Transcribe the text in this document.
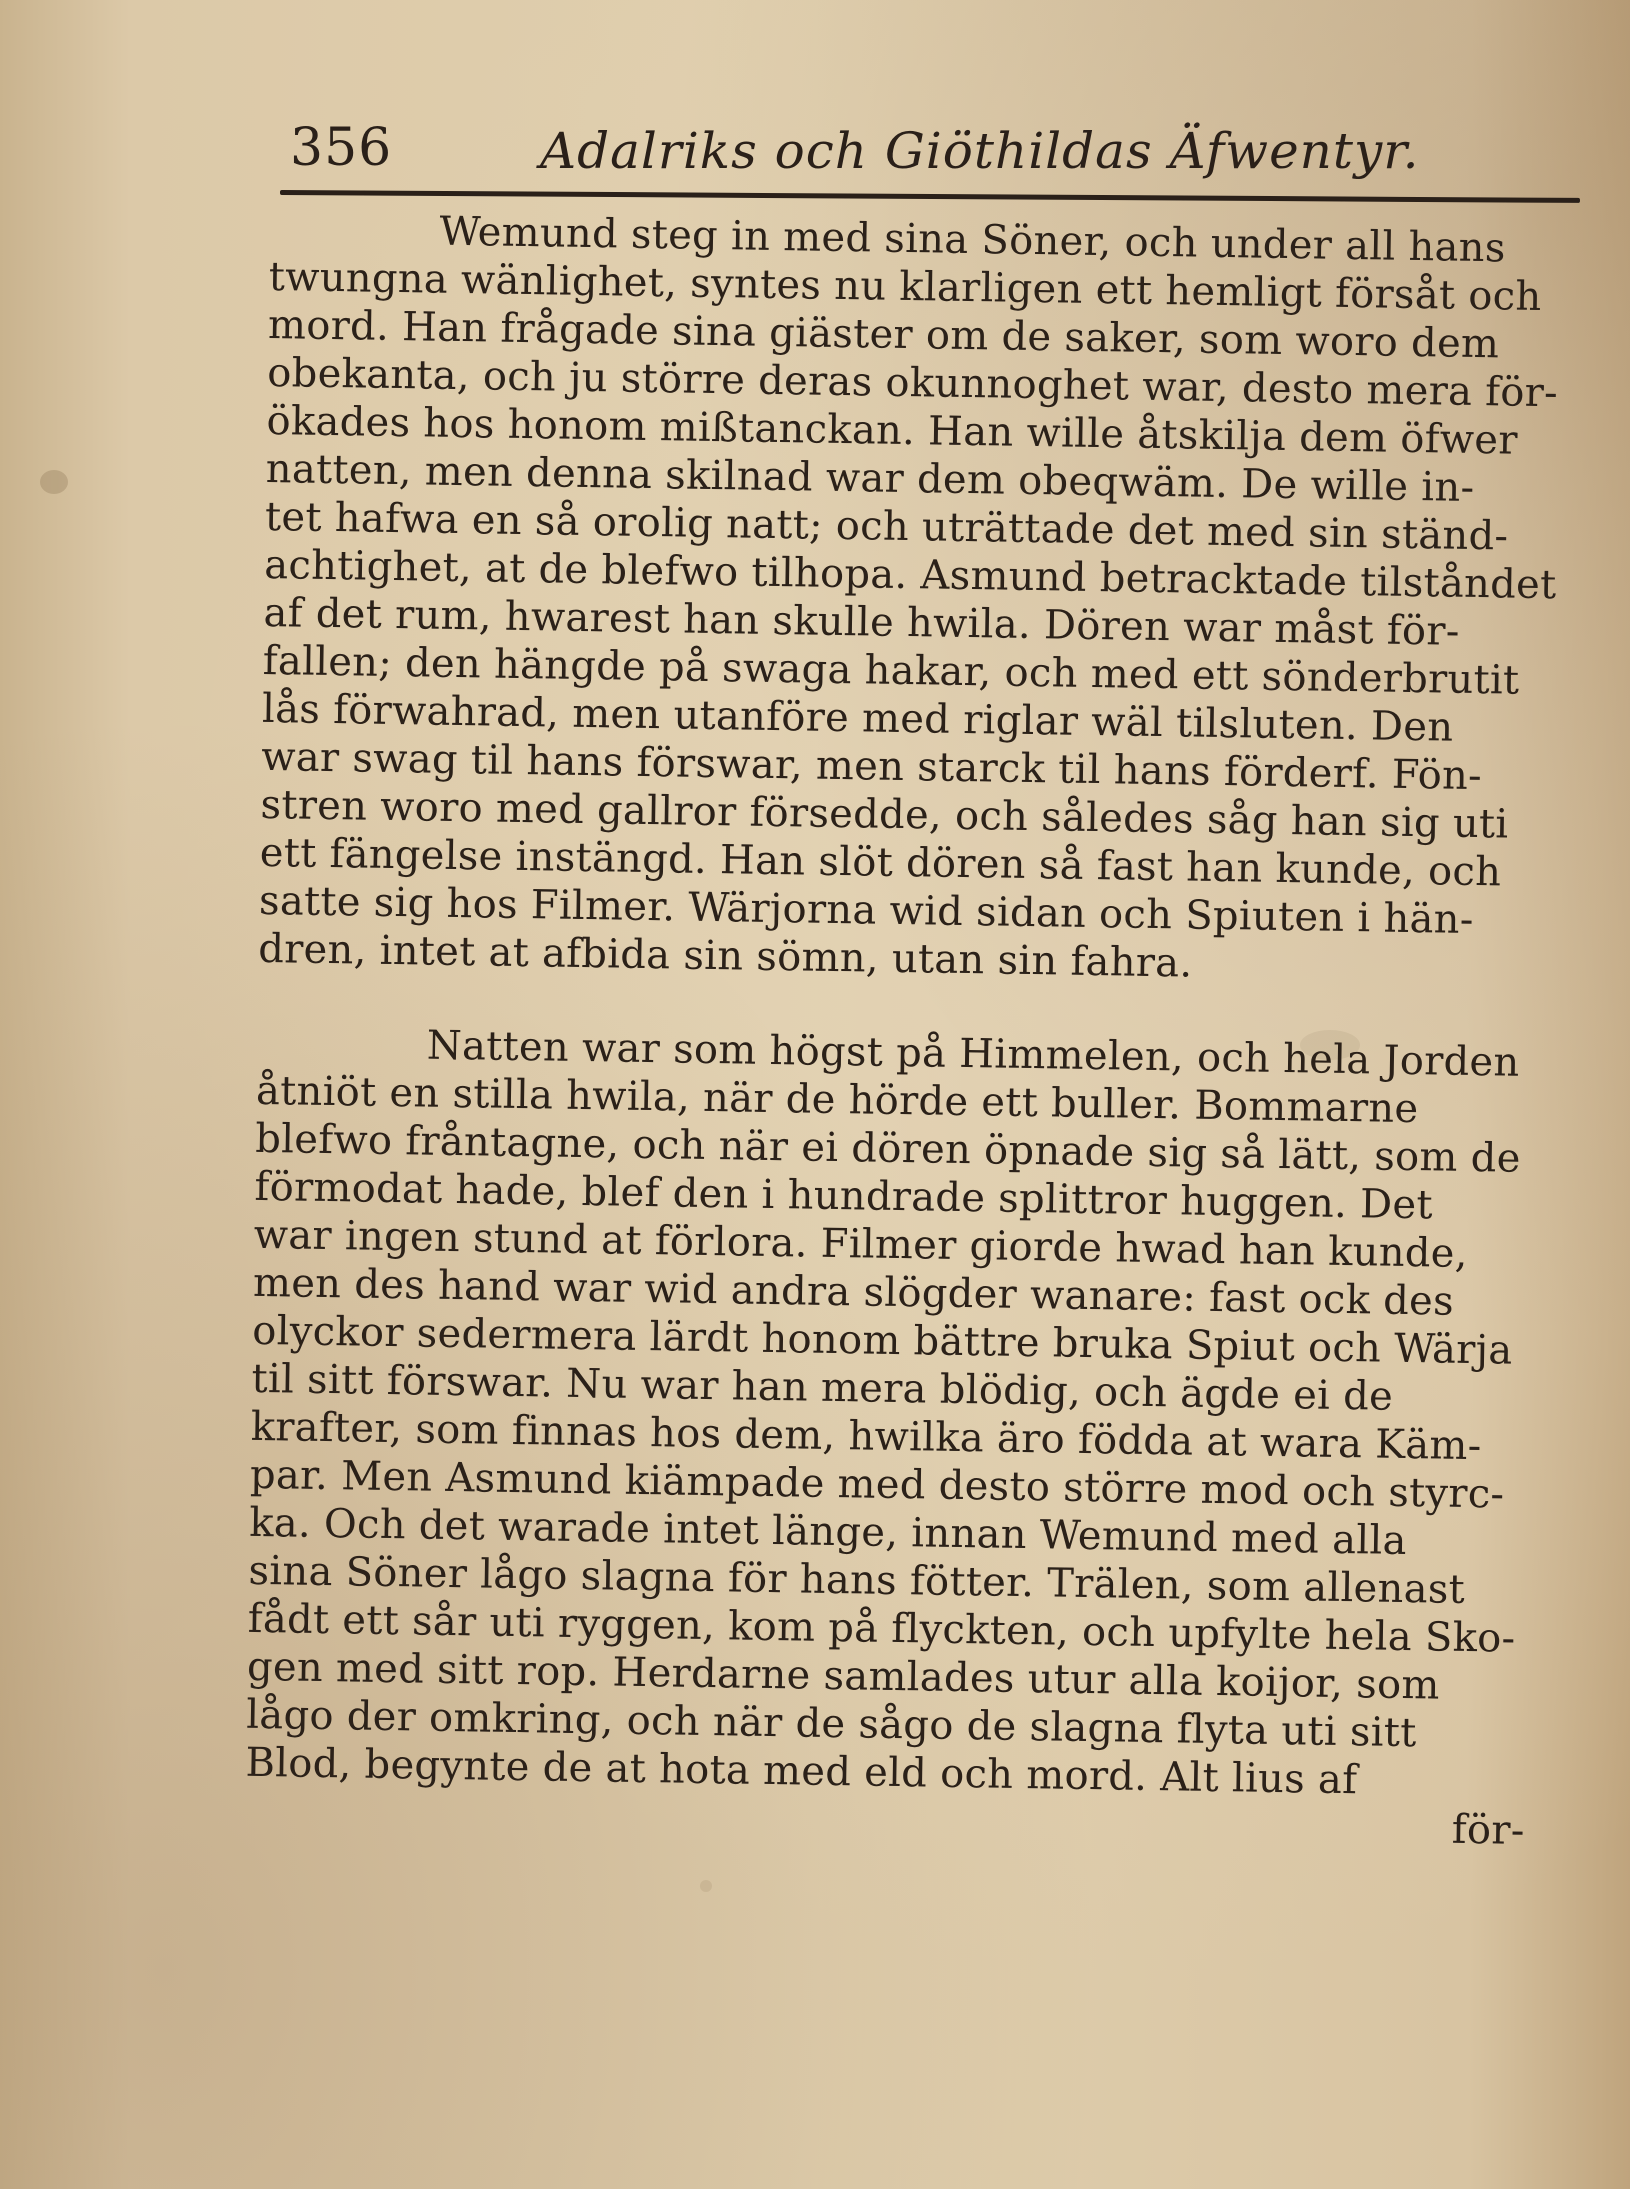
356	Adalriks och Giöthildas Äfwentyr.
Wemund steg in med sina Söner, och under all hans
twungna wänlighet, syntes nu klarligen ett hemligt försåt och
mord. Han frågade sina giäster om de saker, som woro dem
obekanta, och ju större deras okunnoghet war, desto mera för-
ökades hos honom mißtanckan. Han wille åtskilja dem öfwer
natten, men denna skilnad war dem obeqwäm. De wille in-
tet hafwa en så orolig natt; och uträttade det med sin ständ-
achtighet, at de blefwo tilhopa. Asmund betracktade tilståndet
af det rum, hwarest han skulle hwila. Dören war måst för-
fallen; den hängde på swaga hakar, och med ett sönderbrutit
lås förwahrad, men utanföre med riglar wäl tilsluten. Den
war swag til hans förswar, men starck til hans förderf. Fön-
stren woro med gallror försedde, och således såg han sig uti
ett fängelse instängd. Han slöt dören så fast han kunde, och
satte sig hos Filmer. Wärjorna wid sidan och Spiuten i hän-
dren, intet at afbida sin sömn, utan sin fahra.
Natten war som högst på Himmelen, och hela Jorden
åtniöt en stilla hwila, när de hörde ett buller. Bommarne
blefwo fråntagne, och när ei dören öpnade sig så lätt, som de
förmodat hade, blef den i hundrade splittror huggen. Det
war ingen stund at förlora. Filmer giorde hwad han kunde,
men des hand war wid andra slögder wanare: fast ock des
olyckor sedermera lärdt honom bättre bruka Spiut och Wärja
til sitt förswar. Nu war han mera blödig, och ägde ei de
krafter, som finnas hos dem, hwilka äro födda at wara Käm-
par. Men Asmund kiämpade med desto större mod och styrc-
ka. Och det warade intet länge, innan Wemund med alla
sina Söner lågo slagna för hans fötter. Trälen, som allenast
fådt ett sår uti ryggen, kom på flyckten, och upfylte hela Sko-
gen med sitt rop. Herdarne samlades utur alla koijor, som
lågo der omkring, och när de sågo de slagna flyta uti sitt
Blod, begynte de at hota med eld och mord. Alt lius af
för-
